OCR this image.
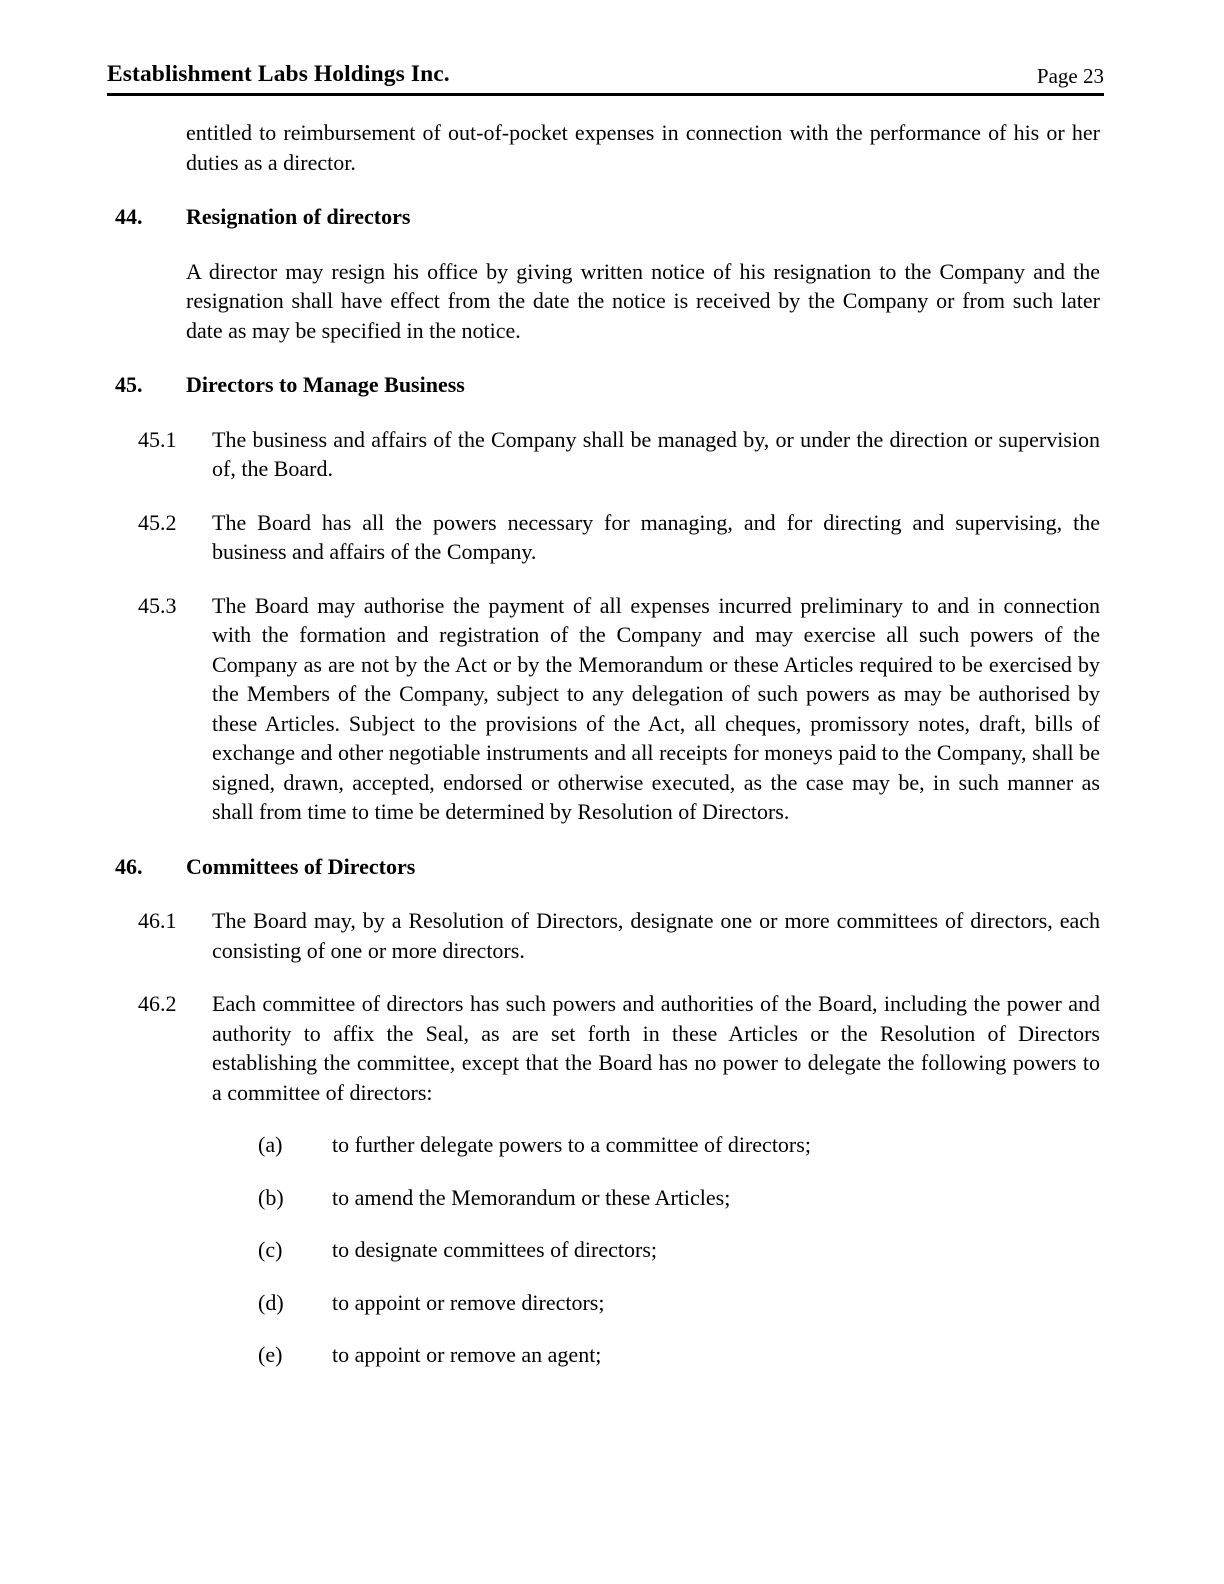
Establishment Labs Holdings Inc.	Page 23

entitled to reimbursement of out-of-pocket expenses in connection with the performance of his or her duties as a director.

44.	Resignation of directors

A director may resign his office by giving written notice of his resignation to the Company and the resignation shall have effect from the date the notice is received by the Company or from such later date as may be specified in the notice.

45.	Directors to Manage Business
45.1	The business and affairs of the Company shall be managed by, or under the direction or supervision of, the Board.
45.2	The Board has all the powers necessary for managing, and for directing and supervising, the business and affairs of the Company.
45.3	The Board may authorise the payment of all expenses incurred preliminary to and in connection with the formation and registration of the Company and may exercise all such powers of the Company as are not by the Act or by the Memorandum or these Articles required to be exercised by the Members of the Company, subject to any delegation of such powers as may be authorised by these Articles. Subject to the provisions of the Act, all cheques, promissory notes, draft, bills of exchange and other negotiable instruments and all receipts for moneys paid to the Company, shall be signed, drawn, accepted, endorsed or otherwise executed, as the case may be, in such manner as shall from time to time be determined by Resolution of Directors.
46.	Committees of Directors
46.1	The Board may, by a Resolution of Directors, designate one or more committees of directors, each consisting of one or more directors.
46.2	Each committee of directors has such powers and authorities of the Board, including the power and authority to affix the Seal, as are set forth in these Articles or the Resolution of Directors establishing the committee, except that the Board has no power to delegate the following powers to a committee of directors:
(a)	to further delegate powers to a committee of directors;
(b)	to amend the Memorandum or these Articles;
(c)	to designate committees of directors;
(d)	to appoint or remove directors;
(e)	to appoint or remove an agent;
